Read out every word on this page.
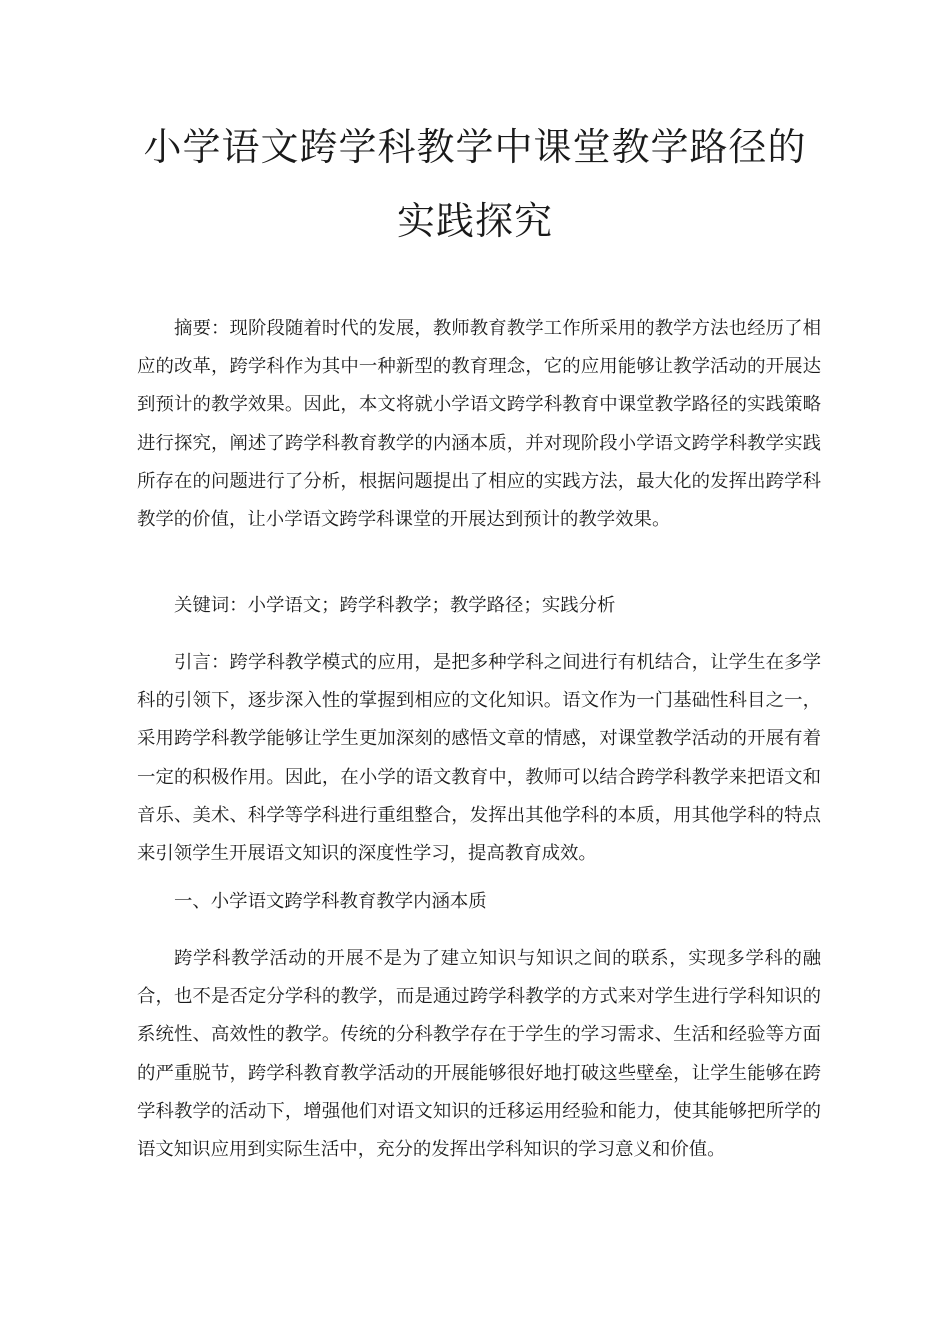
小学语文跨学科教学中课堂教学路径的
实践探究

摘要：现阶段随着时代的发展，教师教育教学工作所采用的教学方法也经历了相应的改革，跨学科作为其中一种新型的教育理念，它的应用能够让教学活动的开展达到预计的教学效果。因此，本文将就小学语文跨学科教育中课堂教学路径的实践策略进行探究，阐述了跨学科教育教学的内涵本质，并对现阶段小学语文跨学科教学实践所存在的问题进行了分析，根据问题提出了相应的实践方法，最大化的发挥出跨学科教学的价值，让小学语文跨学科课堂的开展达到预计的教学效果。

关键词：小学语文；跨学科教学；教学路径；实践分析

引言：跨学科教学模式的应用，是把多种学科之间进行有机结合，让学生在多学科的引领下，逐步深入性的掌握到相应的文化知识。语文作为一门基础性科目之一，采用跨学科教学能够让学生更加深刻的感悟文章的情感，对课堂教学活动的开展有着一定的积极作用。因此，在小学的语文教育中，教师可以结合跨学科教学来把语文和音乐、美术、科学等学科进行重组整合，发挥出其他学科的本质，用其他学科的特点来引领学生开展语文知识的深度性学习，提高教育成效。

一、小学语文跨学科教育教学内涵本质

跨学科教学活动的开展不是为了建立知识与知识之间的联系，实现多学科的融合，也不是否定分学科的教学，而是通过跨学科教学的方式来对学生进行学科知识的系统性、高效性的教学。传统的分科教学存在于学生的学习需求、生活和经验等方面的严重脱节，跨学科教育教学活动的开展能够很好地打破这些壁垒，让学生能够在跨学科教学的活动下，增强他们对语文知识的迁移运用经验和能力，使其能够把所学的语文知识应用到实际生活中，充分的发挥出学科知识的学习意义和价值。
